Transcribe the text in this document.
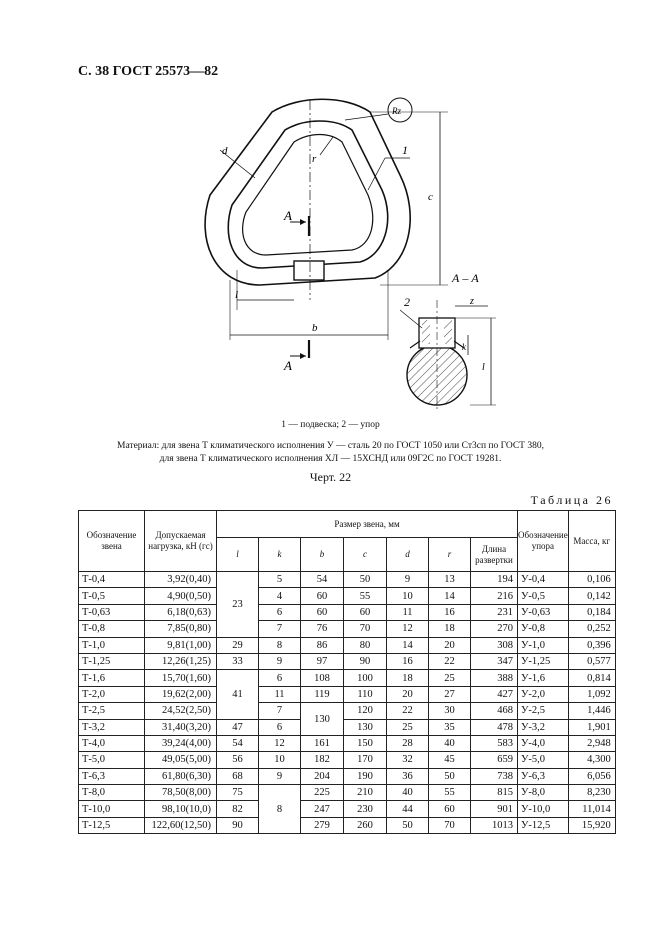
С. 38 ГОСТ 25573—82
A
A
c
l
b
1
Rz
d
r
А – А
l
k
z
2
1 — подвеска; 2 — упор
Материал: для звена Т климатического исполнения У — сталь 20 по ГОСТ 1050 или Ст3сп по ГОСТ 380,
для звена Т климатического исполнения ХЛ — 15ХСНД или 09Г2С по ГОСТ 19281.
Черт. 22
Таблица 26
Обозначение звена	Допускаемая нагрузка, кН (гс)	Размер звена, мм							Обозначение упора	Масса, кг
		l	k	b	c	d	r	Длина развертки		
Т-0,4	3,92(0,40)	23	5	54	50	9	13	194	У-0,4	0,106
Т-0,5	4,90(0,50)		4	60	55	10	14	216	У-0,5	0,142
Т-0,63	6,18(0,63)		6	60	60	11	16	231	У-0,63	0,184
Т-0,8	7,85(0,80)		7	76	70	12	18	270	У-0,8	0,252
Т-1,0	9,81(1,00)	29	8	86	80	14	20	308	У-1,0	0,396
Т-1,25	12,26(1,25)	33	9	97	90	16	22	347	У-1,25	0,577
Т-1,6	15,70(1,60)	41	6	108	100	18	25	388	У-1,6	0,814
Т-2,0	19,62(2,00)		11	119	110	20	27	427	У-2,0	1,092
Т-2,5	24,52(2,50)		7	130	120	22	30	468	У-2,5	1,446
Т-3,2	31,40(3,20)	47	6		130	25	35	478	У-3,2	1,901
Т-4,0	39,24(4,00)	54	12	161	150	28	40	583	У-4,0	2,948
Т-5,0	49,05(5,00)	56	10	182	170	32	45	659	У-5,0	4,300
Т-6,3	61,80(6,30)	68	9	204	190	36	50	738	У-6,3	6,056
Т-8,0	78,50(8,00)	75	8	225	210	40	55	815	У-8,0	8,230
Т-10,0	98,10(10,0)	82		247	230	44	60	901	У-10,0	11,014
Т-12,5	122,60(12,50)	90		279	260	50	70	1013	У-12,5	15,920
